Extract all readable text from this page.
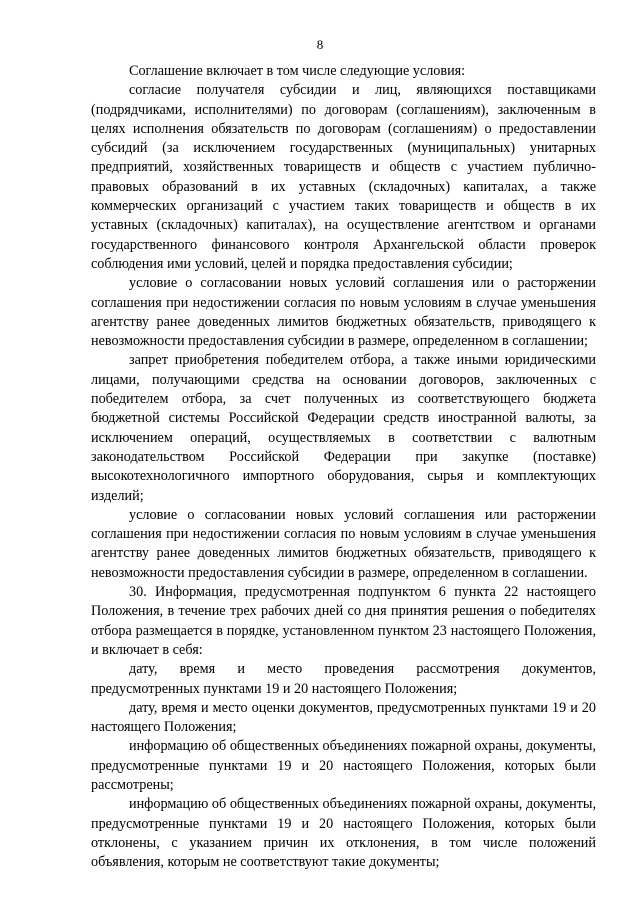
8

Соглашение включает в том числе следующие условия:

согласие получателя субсидии и лиц, являющихся поставщиками (подрядчиками, исполнителями) по договорам (соглашениям), заключенным в целях исполнения обязательств по договорам (соглашениям) о предоставлении субсидий (за исключением государственных (муниципальных) унитарных предприятий, хозяйственных товариществ и обществ с участием публично-правовых образований в их уставных (складочных) капиталах, а также коммерческих организаций с участием таких товариществ и обществ в их уставных (складочных) капиталах), на осуществление агентством и органами государственного финансового контроля Архангельской области проверок соблюдения ими условий, целей и порядка предоставления субсидии;

условие о согласовании новых условий соглашения или о расторжении соглашения при недостижении согласия по новым условиям в случае уменьшения агентству ранее доведенных лимитов бюджетных обязательств, приводящего к невозможности предоставления субсидии в размере, определенном в соглашении;

запрет приобретения победителем отбора, а также иными юридическими лицами, получающими средства на основании договоров, заключенных с победителем отбора, за счет полученных из соответствующего бюджета бюджетной системы Российской Федерации средств иностранной валюты, за исключением операций, осуществляемых в соответствии с валютным законодательством Российской Федерации при закупке (поставке) высокотехнологичного импортного оборудования, сырья и комплектующих изделий;

условие о согласовании новых условий соглашения или расторжении соглашения при недостижении согласия по новым условиям в случае уменьшения агентству ранее доведенных лимитов бюджетных обязательств, приводящего к невозможности предоставления субсидии в размере, определенном в соглашении.

30. Информация, предусмотренная подпунктом 6 пункта 22 настоящего Положения, в течение трех рабочих дней со дня принятия решения о победителях отбора размещается в порядке, установленном пунктом 23 настоящего Положения, и включает в себя:

дату, время и место проведения рассмотрения документов, предусмотренных пунктами 19 и 20 настоящего Положения;

дату, время и место оценки документов, предусмотренных пунктами 19 и 20 настоящего Положения;

информацию об общественных объединениях пожарной охраны, документы, предусмотренные пунктами 19 и 20 настоящего Положения, которых были рассмотрены;

информацию об общественных объединениях пожарной охраны, документы, предусмотренные пунктами 19 и 20 настоящего Положения, которых были отклонены, с указанием причин их отклонения, в том числе положений объявления, которым не соответствуют такие документы;
